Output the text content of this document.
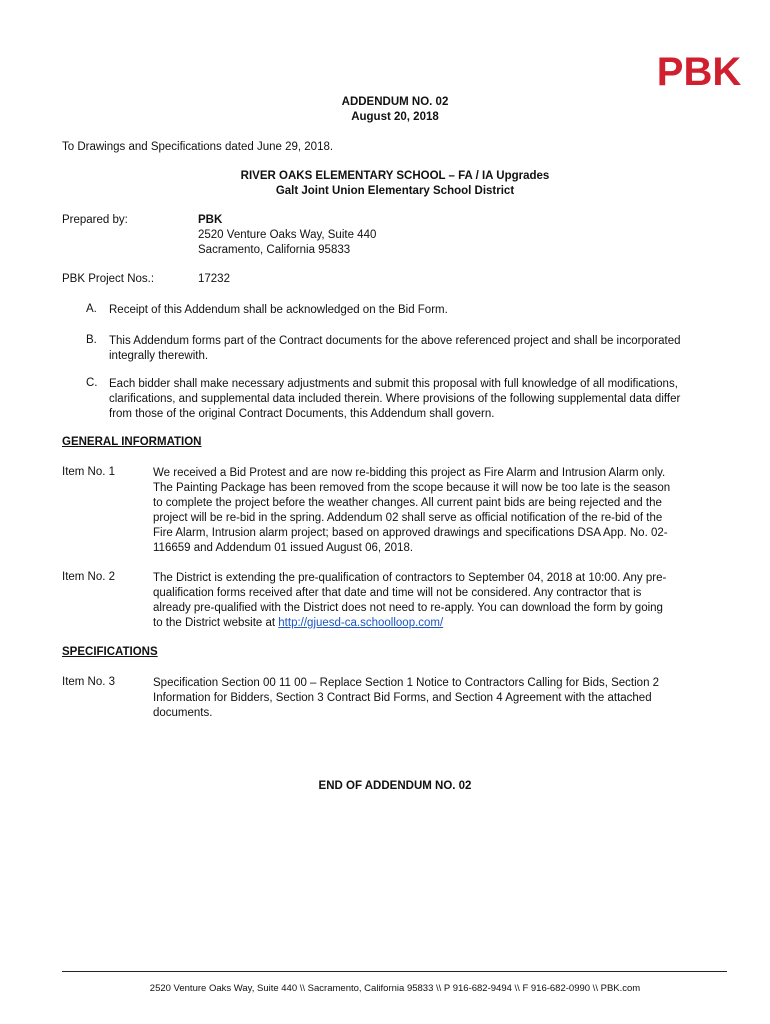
PBK
ADDENDUM NO. 02
August 20, 2018
To Drawings and Specifications dated June 29, 2018.
RIVER OAKS ELEMENTARY SCHOOL – FA / IA Upgrades
Galt Joint Union Elementary School District
Prepared by:	PBK
2520 Venture Oaks Way, Suite 440
Sacramento, California 95833
PBK Project Nos.:	17232
A. Receipt of this Addendum shall be acknowledged on the Bid Form.
B. This Addendum forms part of the Contract documents for the above referenced project and shall be incorporated
integrally therewith.
C. Each bidder shall make necessary adjustments and submit this proposal with full knowledge of all modifications,
clarifications, and supplemental data included therein. Where provisions of the following supplemental data differ
from those of the original Contract Documents, this Addendum shall govern.
GENERAL INFORMATION
Item No. 1	We received a Bid Protest and are now re-bidding this project as Fire Alarm and Intrusion Alarm only.
The Painting Package has been removed from the scope because it will now be too late is the season
to complete the project before the weather changes. All current paint bids are being rejected and the
project will be re-bid in the spring. Addendum 02 shall serve as official notification of the re-bid of the
Fire Alarm, Intrusion alarm project; based on approved drawings and specifications DSA App. No. 02-
116659 and Addendum 01 issued August 06, 2018.
Item No. 2	The District is extending the pre-qualification of contractors to September 04, 2018 at 10:00. Any pre-
qualification forms received after that date and time will not be considered. Any contractor that is
already pre-qualified with the District does not need to re-apply. You can download the form by going
to the District website at http://gjuesd-ca.schoolloop.com/
SPECIFICATIONS
Item No. 3	Specification Section 00 11 00 – Replace Section 1 Notice to Contractors Calling for Bids, Section 2
Information for Bidders, Section 3 Contract Bid Forms, and Section 4 Agreement with the attached
documents.
END OF ADDENDUM NO. 02
2520 Venture Oaks Way, Suite 440 \\ Sacramento, California 95833 \\ P 916-682-9494 \\ F 916-682-0990 \\ PBK.com
